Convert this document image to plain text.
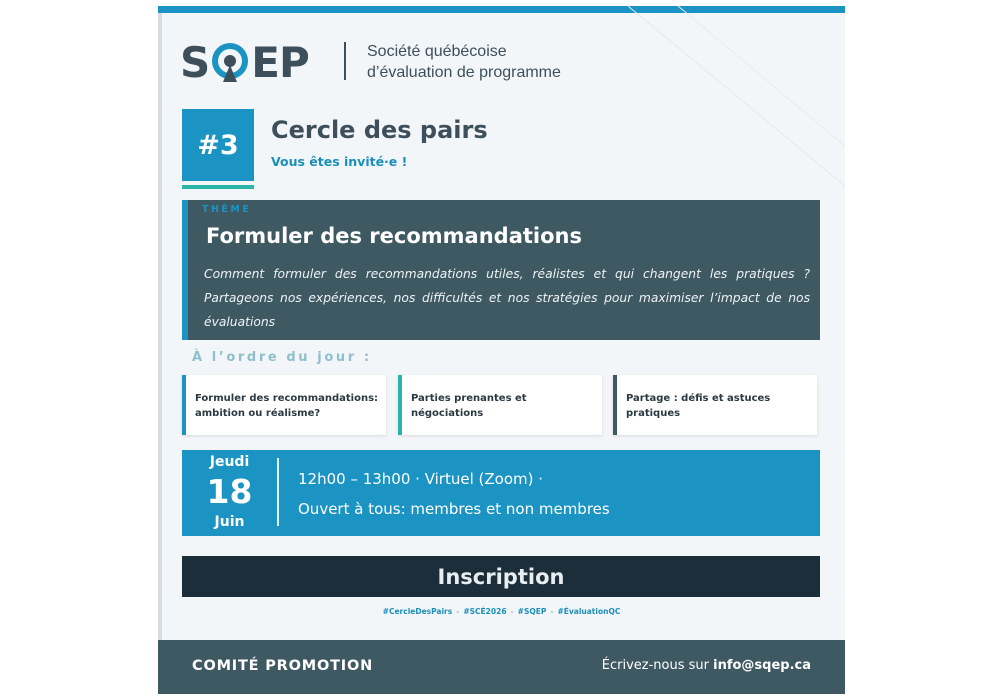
S EP	Société québécoise
d’évaluation de programme
#3	Cercle des pairs
Vous êtes invité·e !
THÈME
Formuler des recommandations
Comment formuler des recommandations utiles, réalistes et qui changent les pratiques ? Partageons nos expériences, nos difficultés et nos stratégies pour maximiser l’impact de nos évaluations
À l’ordre du jour :
Formuler des recommandations: ambition ou réalisme?
Parties prenantes et négociations
Partage : défis et astuces pratiques
Jeudi
18
Juin
12h00 – 13h00 · Virtuel (Zoom) ·
Ouvert à tous: membres et non membres
Inscription
#CercleDesPairs - #SCÉ2026 - #SQEP - #ÉvaluationQC
COMITÉ PROMOTION	Écrivez-nous sur info@sqep.ca
